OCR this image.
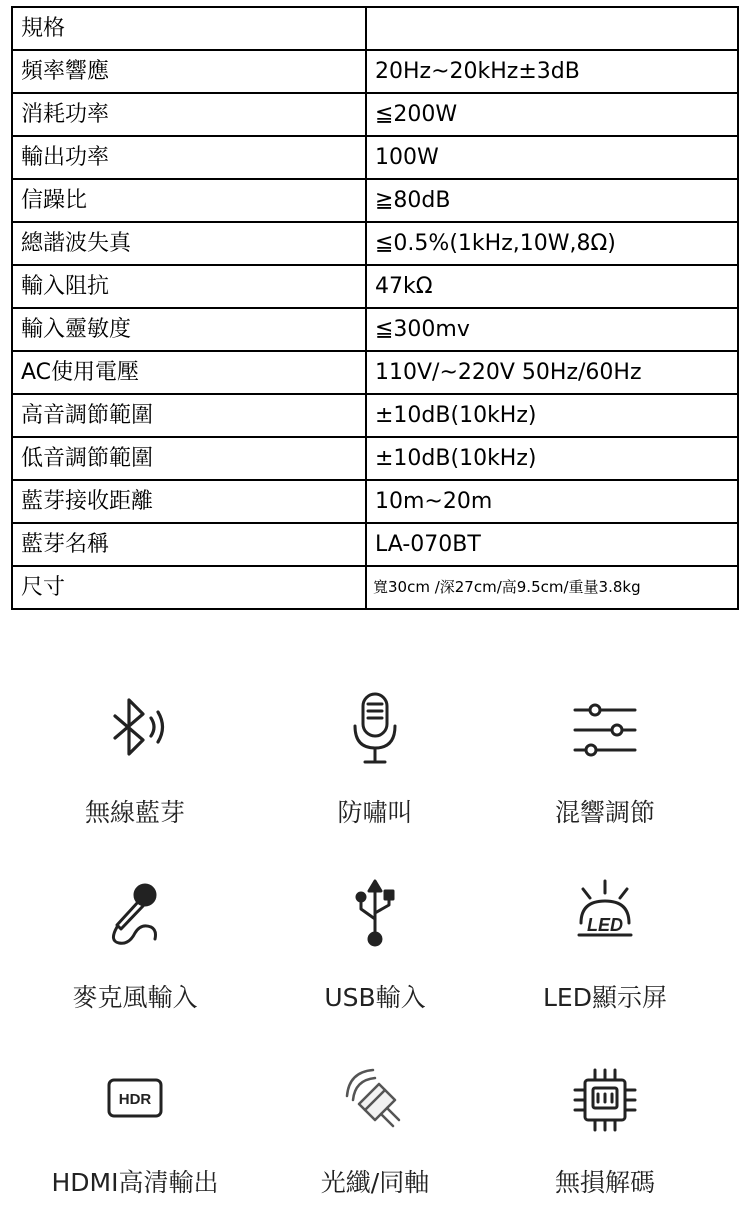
規格	
頻率響應	20Hz~20kHz±3dB
消耗功率	≦200W
輸出功率	100W
信躁比	≧80dB
總諧波失真	≦0.5%(1kHz,10W,8Ω)
輸入阻抗	47kΩ
輸入靈敏度	≦300mv
AC使用電壓	110V/~220V 50Hz/60Hz
高音調節範圍	±10dB(10kHz)
低音調節範圍	±10dB(10kHz)
藍芽接收距離	10m~20m
藍芽名稱	LA-070BT
尺寸	寬30cm /深27cm/高9.5cm/重量3.8kg
無線藍芽	防嘯叫	混響調節
麥克風輸入	USB輸入
LED
LED顯示屏
HDR
HDMI高清輸出	光纖/同軸	無損解碼
